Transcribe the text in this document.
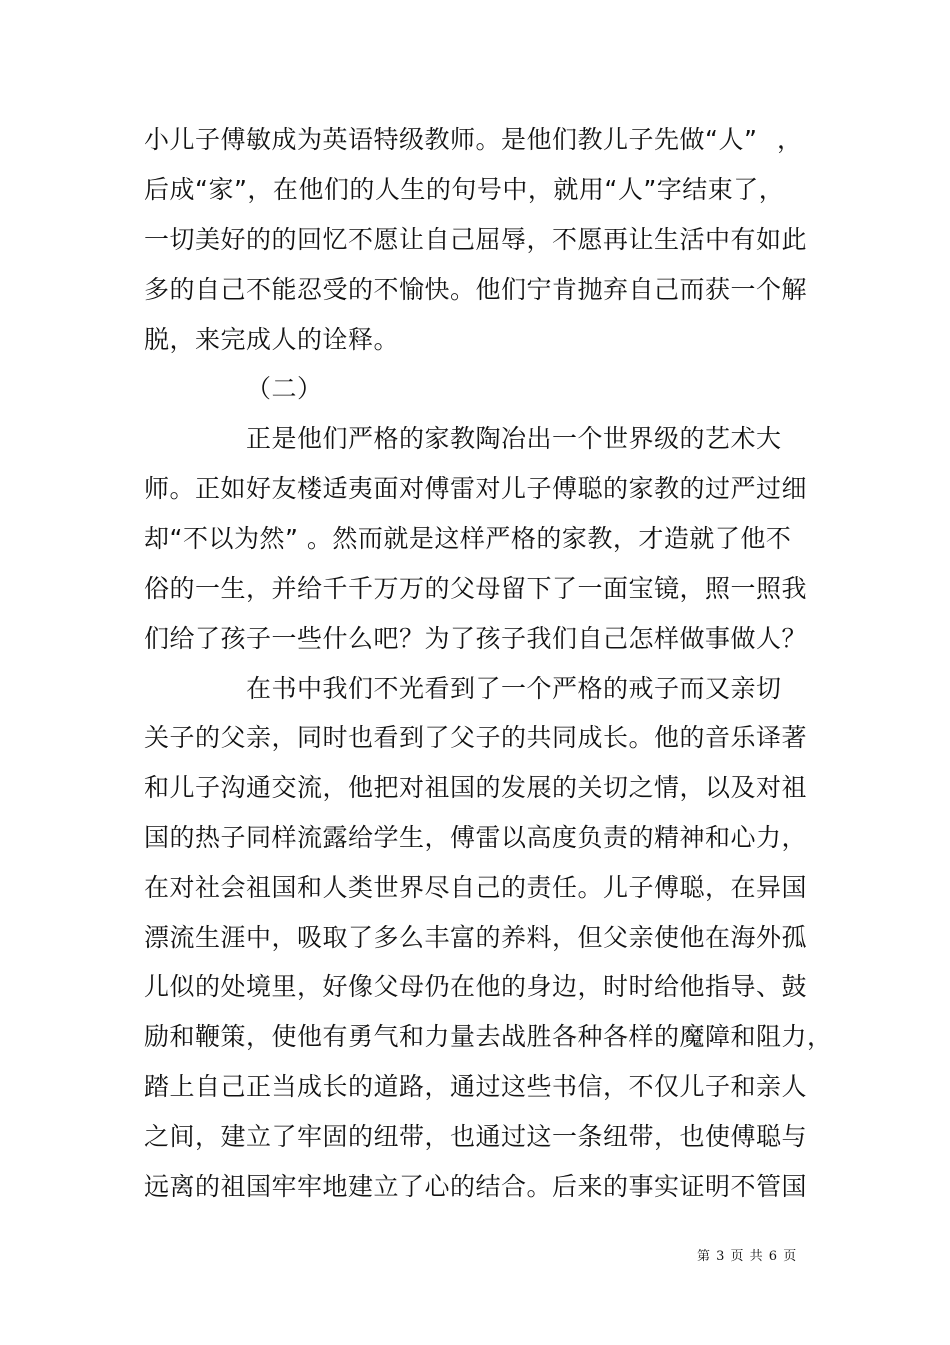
小儿子傅敏成为英语特级教师。是他们教儿子先做“人” ，
后成“家”，在他们的人生的句号中，就用“人”字结束了，
一切美好的的回忆不愿让自己屈辱，不愿再让生活中有如此
多的自己不能忍受的不愉快。他们宁肯抛弃自己而获一个解
脱，来完成人的诠释。
（二）
正是他们严格的家教陶冶出一个世界级的艺术大
师。正如好友楼适夷面对傅雷对儿子傅聪的家教的过严过细
却“不以为然” 。然而就是这样严格的家教，才造就了他不
俗的一生，并给千千万万的父母留下了一面宝镜，照一照我
们给了孩子一些什么吧？为了孩子我们自己怎样做事做人？
在书中我们不光看到了一个严格的戒子而又亲切
关子的父亲，同时也看到了父子的共同成长。他的音乐译著
和儿子沟通交流，他把对祖国的发展的关切之情，以及对祖
国的热子同样流露给学生，傅雷以高度负责的精神和心力，
在对社会祖国和人类世界尽自己的责任。儿子傅聪，在异国
漂流生涯中，吸取了多么丰富的养料，但父亲使他在海外孤
儿似的处境里，好像父母仍在他的身边，时时给他指导、鼓
励和鞭策，使他有勇气和力量去战胜各种各样的魔障和阻力，
踏上自己正当成长的道路，通过这些书信，不仅儿子和亲人
之间，建立了牢固的纽带，也通过这一条纽带，也使傅聪与
远离的祖国牢牢地建立了心的结合。后来的事实证明不管国
第 3 页 共 6 页
